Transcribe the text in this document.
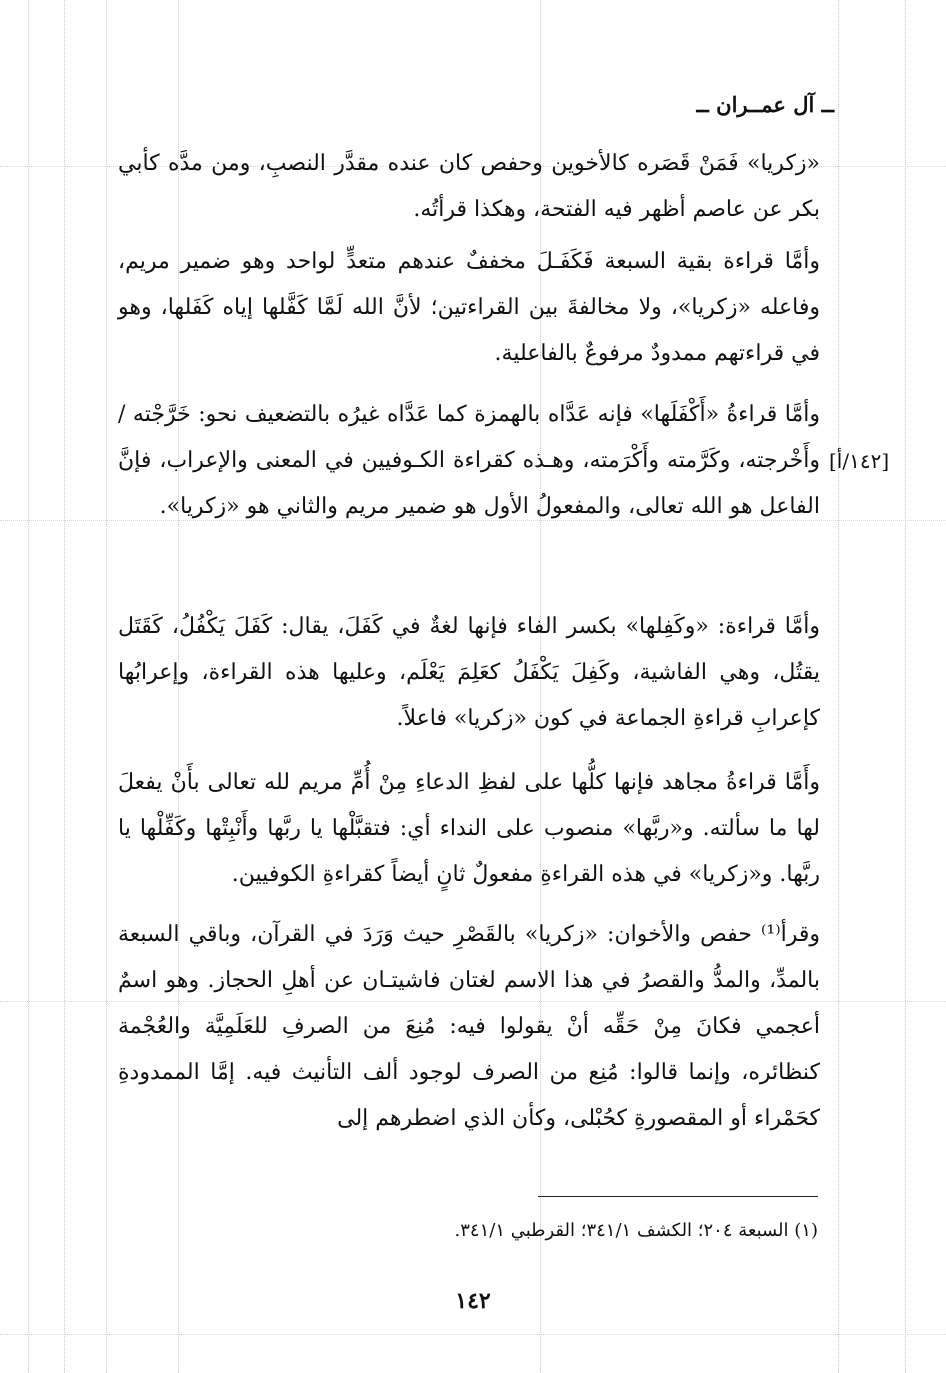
ــ آل عمــران ــ
[١٤٢/أ]

«زكريا» فَمَنْ قَصَره كالأخوين وحفص كان عنده مقدَّر النصبِ، ومن مدَّه كأبي بكر عن عاصم أظهر فيه الفتحة، وهكذا قرأتُه.

وأمَّا قراءة بقية السبعة فَكَفَـلَ مخففٌ عندهم متعدٍّ لواحد وهو ضمير مريم، وفاعله «زكريا»، ولا مخالفةَ بين القراءتين؛ لأنَّ الله لَمَّا كَفَّلها إياه كَفَلها، وهو في قراءتهم ممدودٌ مرفوعٌ بالفاعلية.

وأمَّا قراءةُ «أَكْفَلَها» فإنه عَدَّاه بالهمزة كما عَدَّاه غيرُه بالتضعيف نحو: خَرَّجْته / وأَخْرجته، وكَرَّمته وأَكْرَمته، وهـذه كقراءة الكـوفيين في المعنى والإعراب، فإنَّ الفاعل هو الله تعالى، والمفعولُ الأول هو ضمير مريم والثاني هو «زكريا».

وأمَّا قراءة: «وكَفِلها» بكسر الفاء فإنها لغةٌ في كَفَلَ، يقال: كَفَلَ يَكْفُلُ، كَقَتَل يقتُل، وهي الفاشية، وكَفِلَ يَكْفَلُ كعَلِمَ يَعْلَم، وعليها هذه القراءة، وإعرابُها كإعرابِ قراءةِ الجماعة في كون «زكريا» فاعلاً.

وأَمَّا قراءةُ مجاهد فإنها كلُّها على لفظِ الدعاءِ مِنْ أُمِّ مريم لله تعالى بأَنْ يفعلَ لها ما سألته. و«ربَّها» منصوب على النداء أي: فتقبَّلْها يا ربَّها وأَنْبِتْها وكَفِّلْها يا ربَّها. و«زكريا» في هذه القراءةِ مفعولٌ ثانٍ أيضاً كقراءةِ الكوفيين.

وقرأ⁽¹⁾ حفص والأخوان: «زكريا» بالقَصْرِ حيث وَرَدَ في القرآن، وباقي السبعة بالمدِّ، والمدُّ والقصرُ في هذا الاسم لغتان فاشيتـان عن أهلِ الحجاز. وهو اسمٌ أعجمي فكانَ مِنْ حَقِّه أنْ يقولوا فيه: مُنِعَ من الصرفِ للعَلَمِيَّة والعُجْمة كنظائره، وإنما قالوا: مُنِع من الصرف لوجود ألف التأنيث فيه. إمَّا الممدودةِ كحَمْراء أو المقصورةِ كحُبْلى، وكأن الذي اضطرهم إلى

(١) السبعة ٢٠٤؛ الكشف ٣٤١/١؛ القرطبي ٣٤١/١.
١٤٢
